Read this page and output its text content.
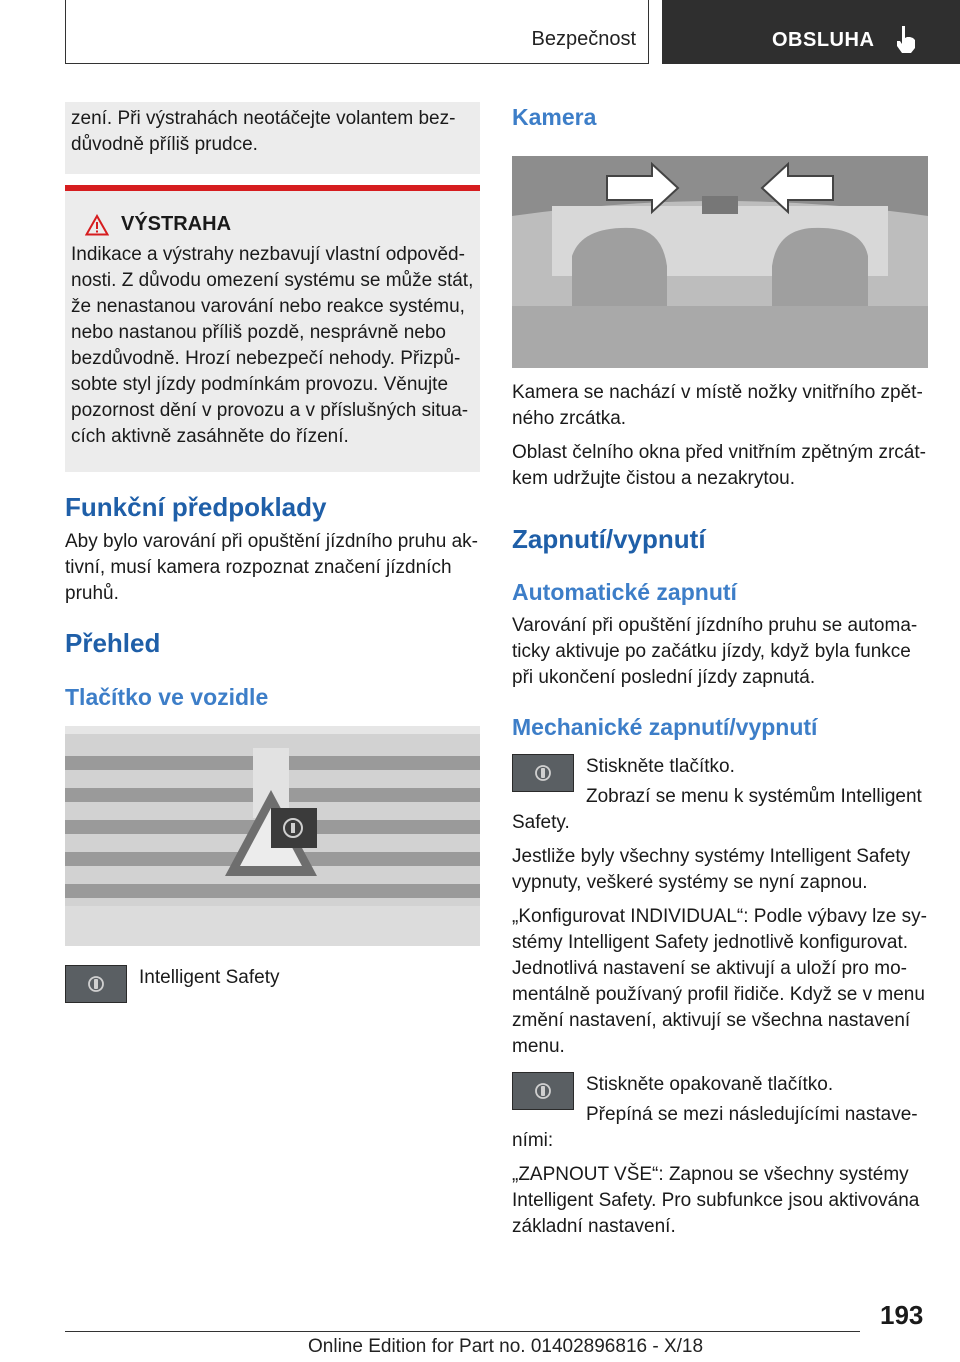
Bezpečnost	OBSLUHA

zení. Při výstrahách neotáčejte volantem bez-

důvodně příliš prudce.

VÝSTRAHA

Indikace a výstrahy nezbavují vlastní odpověd-

nosti. Z důvodu omezení systému se může stát,

že nenastanou varování nebo reakce systému,

nebo nastanou příliš pozdě, nesprávně nebo

bezdůvodně. Hrozí nebezpečí nehody. Přizpů-

sobte styl jízdy podmínkám provozu. Věnujte

pozornost dění v provozu a v příslušných situa-

cích aktivně zasáhněte do řízení.

Funkční předpoklady

Aby bylo varování při opuštění jízdního pruhu ak-

tivní, musí kamera rozpoznat značení jízdních

pruhů.

Přehled

Tlačítko ve vozidle

Intelligent Safety

Kamera

Kamera se nachází v místě nožky vnitřního zpět-

ného zrcátka.

Oblast čelního okna před vnitřním zpětným zrcát-

kem udržujte čistou a nezakrytou.

Zapnutí/vypnutí

Automatické zapnutí

Varování při opuštění jízdního pruhu se automa-

ticky aktivuje po začátku jízdy, když byla funkce

při ukončení poslední jízdy zapnutá.

Mechanické zapnutí/vypnutí

Stiskněte tlačítko.

Zobrazí se menu k systémům Intelligent

Safety.

Jestliže byly všechny systémy Intelligent Safety

vypnuty, veškeré systémy se nyní zapnou.

„Konfigurovat INDIVIDUAL“: Podle výbavy lze sy-

stémy Intelligent Safety jednotlivě konfigurovat.

Jednotlivá nastavení se aktivují a uloží pro mo-

mentálně používaný profil řidiče. Když se v menu

změní nastavení, aktivují se všechna nastavení

menu.

Stiskněte opakovaně tlačítko.

Přepíná se mezi následujícími nastave-

ními:

„ZAPNOUT VŠE“: Zapnou se všechny systémy

Intelligent Safety. Pro subfunkce jsou aktivována

základní nastavení.

193
Online Edition for Part no. 01402896816 - X/18
